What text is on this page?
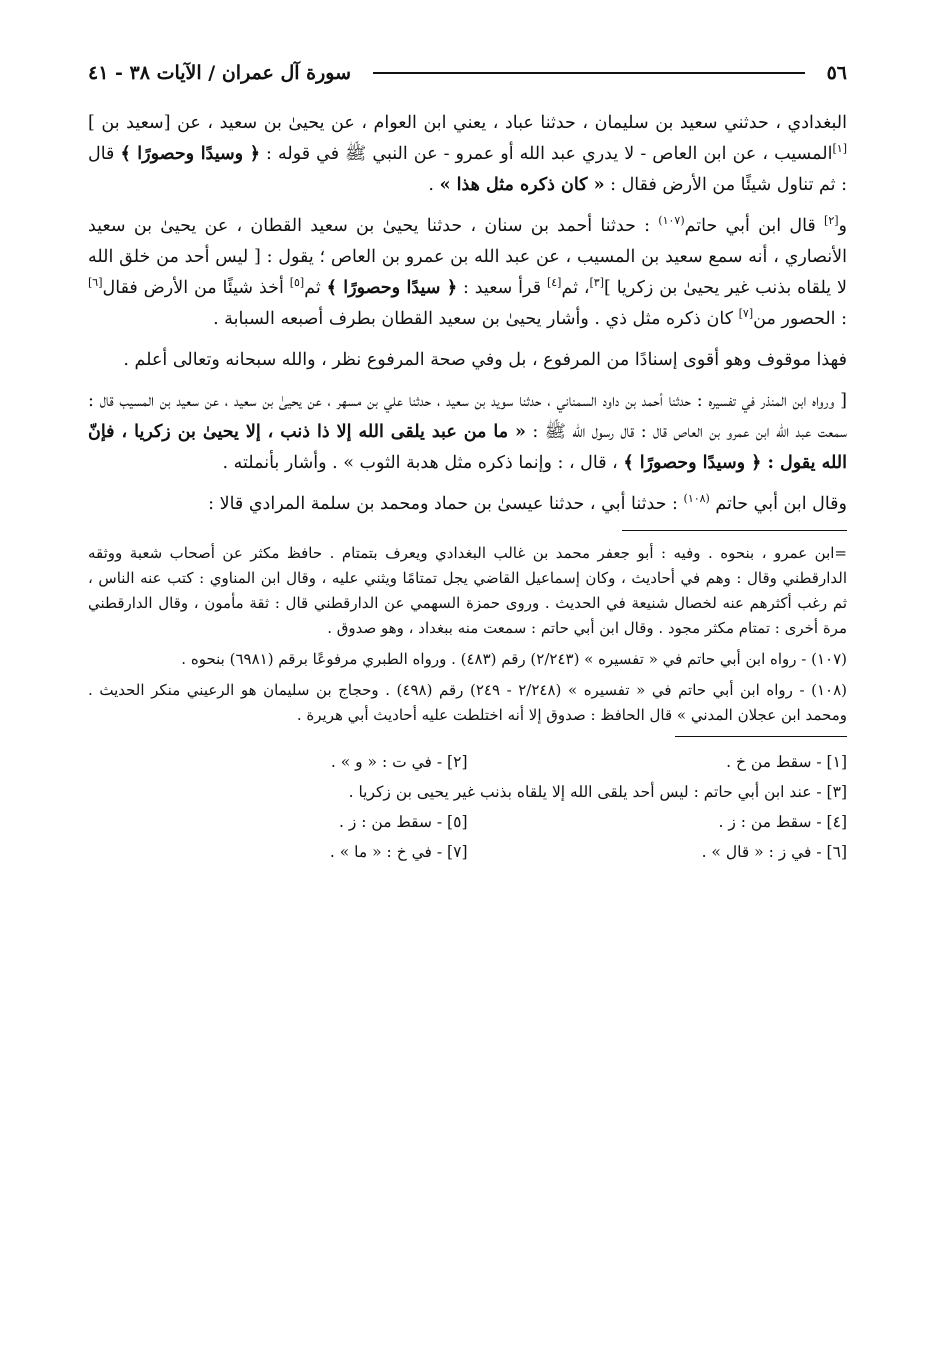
٥٦
سورة آل عمران / الآيات ٣٨ - ٤١

البغدادي ، حدثني سعيد بن سليمان ، حدثنا عباد ، يعني ابن العوام ، عن يحيىٰ بن سعيد ، عن [سعيد بن ][١]المسيب ، عن ابن العاص - لا يدري عبد الله أو عمرو - عن النبي ﷺ في قوله : ﴿ وسيدًا وحصورًا ﴾ قال : ثم تناول شيئًا من الأرض فقال : « كان ذكره مثل هذا » .

و[٢] قال ابن أبي حاتم$^{(١٠٧)}$ : حدثنا أحمد بن سنان ، حدثنا يحيىٰ بن سعيد القطان ، عن يحيىٰ بن سعيد الأنصاري ، أنه سمع سعيد بن المسيب ، عن عبد الله بن عمرو بن العاص ؛ يقول : [ ليس أحد من خلق الله لا يلقاه بذنب غير يحيىٰ بن زكريا ][٣]، ثم[٤] قرأ سعيد : ﴿ سيدًا وحصورًا ﴾ ثم[٥] أخذ شيئًا من الأرض فقال[٦] : الحصور من[٧] كان ذكره مثل ذي . وأشار يحيىٰ بن سعيد القطان بطرف أصبعه السبابة .

فهذا موقوف وهو أقوى إسنادًا من المرفوع ، بل وفي صحة المرفوع نظر ، والله سبحانه وتعالى أعلم .

[ ورواه ابن المنذر في تفسيره : حدثنا أحمد بن داود السمناني ، حدثنا سويد بن سعيد ، حدثنا علي بن مسهر ، عن يحيىٰ بن سعيد ، عن سعيد بن المسيب قال : سمعت عبد الله ابن عمرو بن العاص قال : قال رسول الله ﷺ : « ما من عبد يلقى الله إلا ذا ذنب ، إلا يحيىٰ بن زكريا ، فإنّ الله يقول : ﴿ وسيدًا وحصورًا ﴾ ، قال ، : وإنما ذكره مثل هدبة الثوب » . وأشار بأنملته .

وقال ابن أبي حاتم $^{(١٠٨)}$ : حدثنا أبي ، حدثنا عيسىٰ بن حماد ومحمد بن سلمة المرادي قالا :

=ابن عمرو ، بنحوه . وفيه : أبو جعفر محمد بن غالب البغدادي ويعرف بتمتام . حافظ مكثر عن أصحاب شعبة ووثقه الدارقطني وقال : وهم في أحاديث ، وكان إسماعيل القاضي يجل تمتامًا ويثني عليه ، وقال ابن المناوي : كتب عنه الناس ، ثم رغب أكثرهم عنه لخصال شنيعة في الحديث . وروى حمزة السهمي عن الدارقطني قال : ثقة مأمون ، وقال الدارقطني مرة أخرى : تمتام مكثر مجود . وقال ابن أبي حاتم : سمعت منه ببغداد ، وهو صدوق .

(١٠٧) - رواه ابن أبي حاتم في « تفسيره » (٢/٢٤٣) رقم (٤٨٣) . ورواه الطبري مرفوعًا برقم (٦٩٨١) بنحوه .

(١٠٨) - رواه ابن أبي حاتم في « تفسيره » (٢/٢٤٨ - ٢٤٩) رقم (٤٩٨) . وحجاج بن سليمان هو الرعيني منكر الحديث . ومحمد ابن عجلان المدني » قال الحافظ : صدوق إلا أنه اختلطت عليه أحاديث أبي هريرة .

[١] - سقط من خ .
[٢] - في ت : « و » .
[٣] - عند ابن أبي حاتم : ليس أحد يلقى الله إلا يلقاه بذنب غير يحيى بن زكريا .
[٤] - سقط من : ز .
[٥] - سقط من : ز .
[٦] - في ز : « قال » .
[٧] - في خ : « ما » .
